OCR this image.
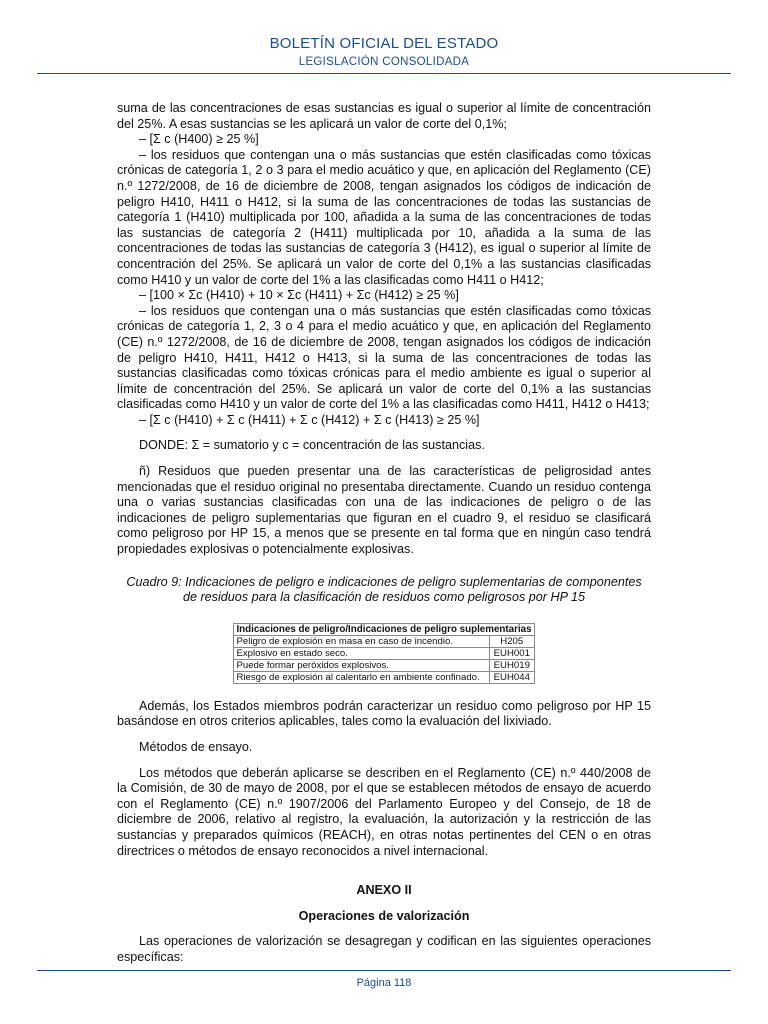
BOLETÍN OFICIAL DEL ESTADO
LEGISLACIÓN CONSOLIDADA

suma de las concentraciones de esas sustancias es igual o superior al límite de concentración del 25%. A esas sustancias se les aplicará un valor de corte del 0,1%;

– [Σ c (H400) ≥ 25 %]

– los residuos que contengan una o más sustancias que estén clasificadas como tóxicas crónicas de categoría 1, 2 o 3 para el medio acuático y que, en aplicación del Reglamento (CE) n.º 1272/2008, de 16 de diciembre de 2008, tengan asignados los códigos de indicación de peligro H410, H411 o H412, si la suma de las concentraciones de todas las sustancias de categoría 1 (H410) multiplicada por 100, añadida a la suma de las concentraciones de todas las sustancias de categoría 2 (H411) multiplicada por 10, añadida a la suma de las concentraciones de todas las sustancias de categoría 3 (H412), es igual o superior al límite de concentración del 25%. Se aplicará un valor de corte del 0,1% a las sustancias clasificadas como H410 y un valor de corte del 1% a las clasificadas como H411 o H412;

– [100 × Σc (H410) + 10 × Σc (H411) + Σc (H412) ≥ 25 %]

– los residuos que contengan una o más sustancias que estén clasificadas como tóxicas crónicas de categoría 1, 2, 3 o 4 para el medio acuático y que, en aplicación del Reglamento (CE) n.º 1272/2008, de 16 de diciembre de 2008, tengan asignados los códigos de indicación de peligro H410, H411, H412 o H413, si la suma de las concentraciones de todas las sustancias clasificadas como tóxicas crónicas para el medio ambiente es igual o superior al límite de concentración del 25%. Se aplicará un valor de corte del 0,1% a las sustancias clasificadas como H410 y un valor de corte del 1% a las clasificadas como H411, H412 o H413;

– [Σ c (H410) + Σ c (H411) + Σ c (H412) + Σ c (H413) ≥ 25 %]

DONDE: Σ = sumatorio y c = concentración de las sustancias.

ñ) Residuos que pueden presentar una de las características de peligrosidad antes mencionadas que el residuo original no presentaba directamente. Cuando un residuo contenga una o varias sustancias clasificadas con una de las indicaciones de peligro o de las indicaciones de peligro suplementarias que figuran en el cuadro 9, el residuo se clasificará como peligroso por HP 15, a menos que se presente en tal forma que en ningún caso tendrá propiedades explosivas o potencialmente explosivas.

Cuadro 9: Indicaciones de peligro e indicaciones de peligro suplementarias de componentes
de residuos para la clasificación de residuos como peligrosos por HP 15

Indicaciones de peligro/Indicaciones de peligro suplementarias	
Peligro de explosión en masa en caso de incendio.	H205
Explosivo en estado seco.	EUH001
Puede formar peróxidos explosivos.	EUH019
Riesgo de explosión al calentarlo en ambiente confinado.	EUH044

Además, los Estados miembros podrán caracterizar un residuo como peligroso por HP 15 basándose en otros criterios aplicables, tales como la evaluación del lixiviado.

Métodos de ensayo.

Los métodos que deberán aplicarse se describen en el Reglamento (CE) n.º 440/2008 de la Comisión, de 30 de mayo de 2008, por el que se establecen métodos de ensayo de acuerdo con el Reglamento (CE) n.º 1907/2006 del Parlamento Europeo y del Consejo, de 18 de diciembre de 2006, relativo al registro, la evaluación, la autorización y la restricción de las sustancias y preparados químicos (REACH), en otras notas pertinentes del CEN o en otras directrices o métodos de ensayo reconocidos a nivel internacional.

ANEXO II

Operaciones de valorización

Las operaciones de valorización se desagregan y codifican en las siguientes operaciones específicas:

Página 118
